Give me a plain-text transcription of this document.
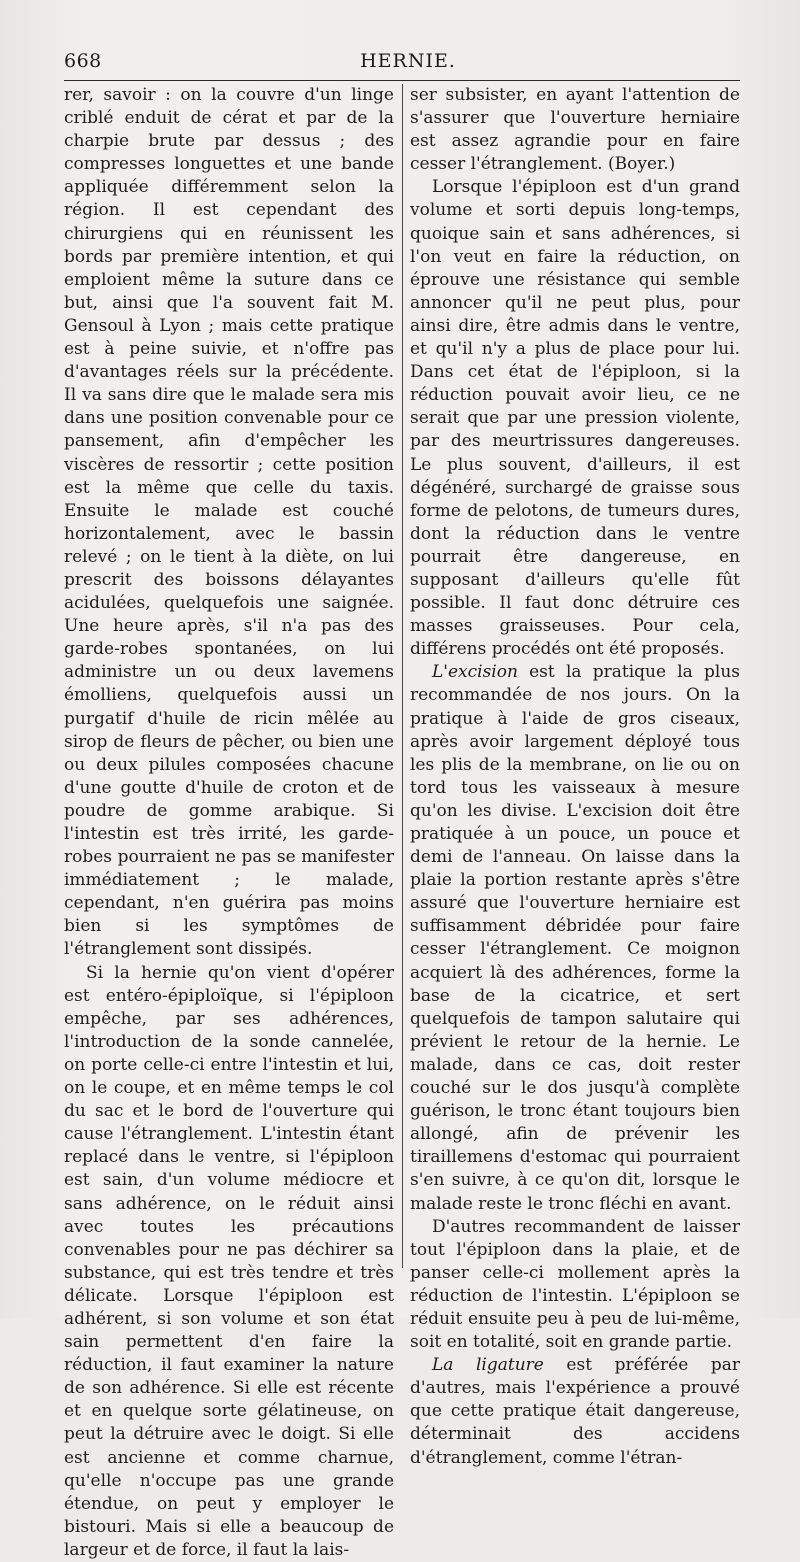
668	HERNIE.

rer, savoir : on la couvre d'un linge criblé enduit de cérat et par de la charpie brute par dessus ; des compresses longuettes et une bande appliquée différemment selon la région. Il est cependant des chirurgiens qui en réunissent les bords par première intention, et qui emploient même la suture dans ce but, ainsi que l'a souvent fait M. Gensoul à Lyon ; mais cette pratique est à peine suivie, et n'offre pas d'avantages réels sur la précédente. Il va sans dire que le malade sera mis dans une position convenable pour ce pansement, afin d'empêcher les viscères de ressortir ; cette position est la même que celle du taxis. Ensuite le malade est couché horizontalement, avec le bassin relevé ; on le tient à la diète, on lui prescrit des boissons délayantes acidulées, quelquefois une saignée. Une heure après, s'il n'a pas des garde-robes spontanées, on lui administre un ou deux lavemens émolliens, quelquefois aussi un purgatif d'huile de ricin mêlée au sirop de fleurs de pêcher, ou bien une ou deux pilules composées chacune d'une goutte d'huile de croton et de poudre de gomme arabique. Si l'intestin est très irrité, les garde-robes pourraient ne pas se manifester immédiatement ; le malade, cependant, n'en guérira pas moins bien si les symptômes de l'étranglement sont dissipés.

Si la hernie qu'on vient d'opérer est entéro-épiploïque, si l'épiploon empêche, par ses adhérences, l'introduction de la sonde cannelée, on porte celle-ci entre l'intestin et lui, on le coupe, et en même temps le col du sac et le bord de l'ouverture qui cause l'étranglement. L'intestin étant replacé dans le ventre, si l'épiploon est sain, d'un volume médiocre et sans adhérence, on le réduit ainsi avec toutes les précautions convenables pour ne pas déchirer sa substance, qui est très tendre et très délicate. Lorsque l'épiploon est adhérent, si son volume et son état sain permettent d'en faire la réduction, il faut examiner la nature de son adhérence. Si elle est récente et en quelque sorte gélatineuse, on peut la détruire avec le doigt. Si elle est ancienne et comme charnue, qu'elle n'occupe pas une grande étendue, on peut y employer le bistouri. Mais si elle a beaucoup de largeur et de force, il faut la lais-

ser subsister, en ayant l'attention de s'assurer que l'ouverture herniaire est assez agrandie pour en faire cesser l'étranglement. (Boyer.)

Lorsque l'épiploon est d'un grand volume et sorti depuis long-temps, quoique sain et sans adhérences, si l'on veut en faire la réduction, on éprouve une résistance qui semble annoncer qu'il ne peut plus, pour ainsi dire, être admis dans le ventre, et qu'il n'y a plus de place pour lui. Dans cet état de l'épiploon, si la réduction pouvait avoir lieu, ce ne serait que par une pression violente, par des meurtrissures dangereuses. Le plus souvent, d'ailleurs, il est dégénéré, surchargé de graisse sous forme de pelotons, de tumeurs dures, dont la réduction dans le ventre pourrait être dangereuse, en supposant d'ailleurs qu'elle fût possible. Il faut donc détruire ces masses graisseuses. Pour cela, différens procédés ont été proposés.

L'excision est la pratique la plus recommandée de nos jours. On la pratique à l'aide de gros ciseaux, après avoir largement déployé tous les plis de la membrane, on lie ou on tord tous les vaisseaux à mesure qu'on les divise. L'excision doit être pratiquée à un pouce, un pouce et demi de l'anneau. On laisse dans la plaie la portion restante après s'être assuré que l'ouverture herniaire est suffisamment débridée pour faire cesser l'étranglement. Ce moignon acquiert là des adhérences, forme la base de la cicatrice, et sert quelquefois de tampon salutaire qui prévient le retour de la hernie. Le malade, dans ce cas, doit rester couché sur le dos jusqu'à complète guérison, le tronc étant toujours bien allongé, afin de prévenir les tiraillemens d'estomac qui pourraient s'en suivre, à ce qu'on dit, lorsque le malade reste le tronc fléchi en avant.

D'autres recommandent de laisser tout l'épiploon dans la plaie, et de panser celle-ci mollement après la réduction de l'intestin. L'épiploon se réduit ensuite peu à peu de lui-même, soit en totalité, soit en grande partie.

La ligature est préférée par d'autres, mais l'expérience a prouvé que cette pratique était dangereuse, déterminait des accidens d'étranglement, comme l'étran-
